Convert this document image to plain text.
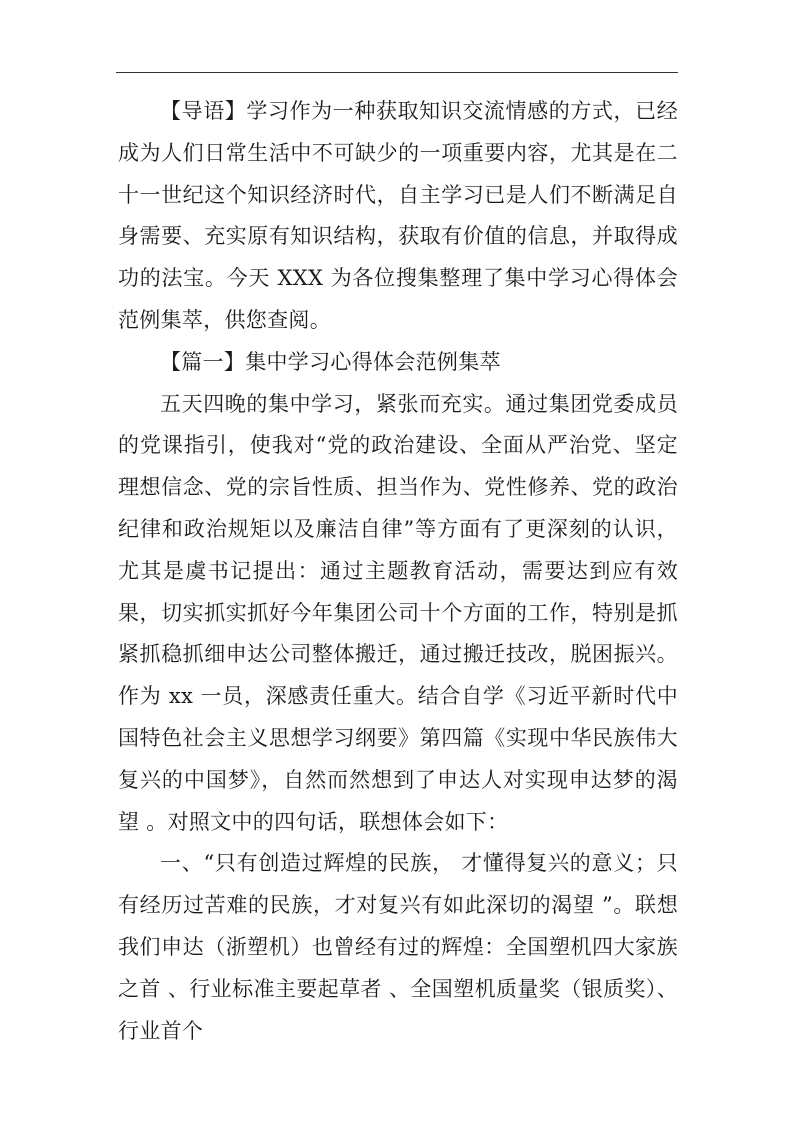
【导语】学习作为一种获取知识交流情感的方式，已经成为人们日常生活中不可缺少的一项重要内容，尤其是在二十一世纪这个知识经济时代，自主学习已是人们不断满足自身需要、充实原有知识结构，获取有价值的信息，并取得成功的法宝。今天 XXX 为各位搜集整理了集中学习心得体会范例集萃，供您查阅。

【篇一】集中学习心得体会范例集萃

五天四晚的集中学习，紧张而充实。通过集团党委成员的党课指引，使我对“党的政治建设、全面从严治党、坚定理想信念、党的宗旨性质、担当作为、党性修养、党的政治纪律和政治规矩以及廉洁自律”等方面有了更深刻的认识，尤其是虞书记提出：通过主题教育活动，需要达到应有效果，切实抓实抓好今年集团公司十个方面的工作，特别是抓紧抓稳抓细申达公司整体搬迁，通过搬迁技改，脱困振兴。作为 xx 一员，深感责任重大。结合自学《习近平新时代中国特色社会主义思想学习纲要》第四篇《实现中华民族伟大复兴的中国梦》，自然而然想到了申达人对实现申达梦的渴望 。对照文中的四句话，联想体会如下：

一、“只有创造过辉煌的民族， 才懂得复兴的意义；只有经历过苦难的民族，才对复兴有如此深切的渴望 ”。联想我们申达（浙塑机）也曾经有过的辉煌：全国塑机四大家族之首 、行业标准主要起草者 、全国塑机质量奖（银质奖）、行业首个
